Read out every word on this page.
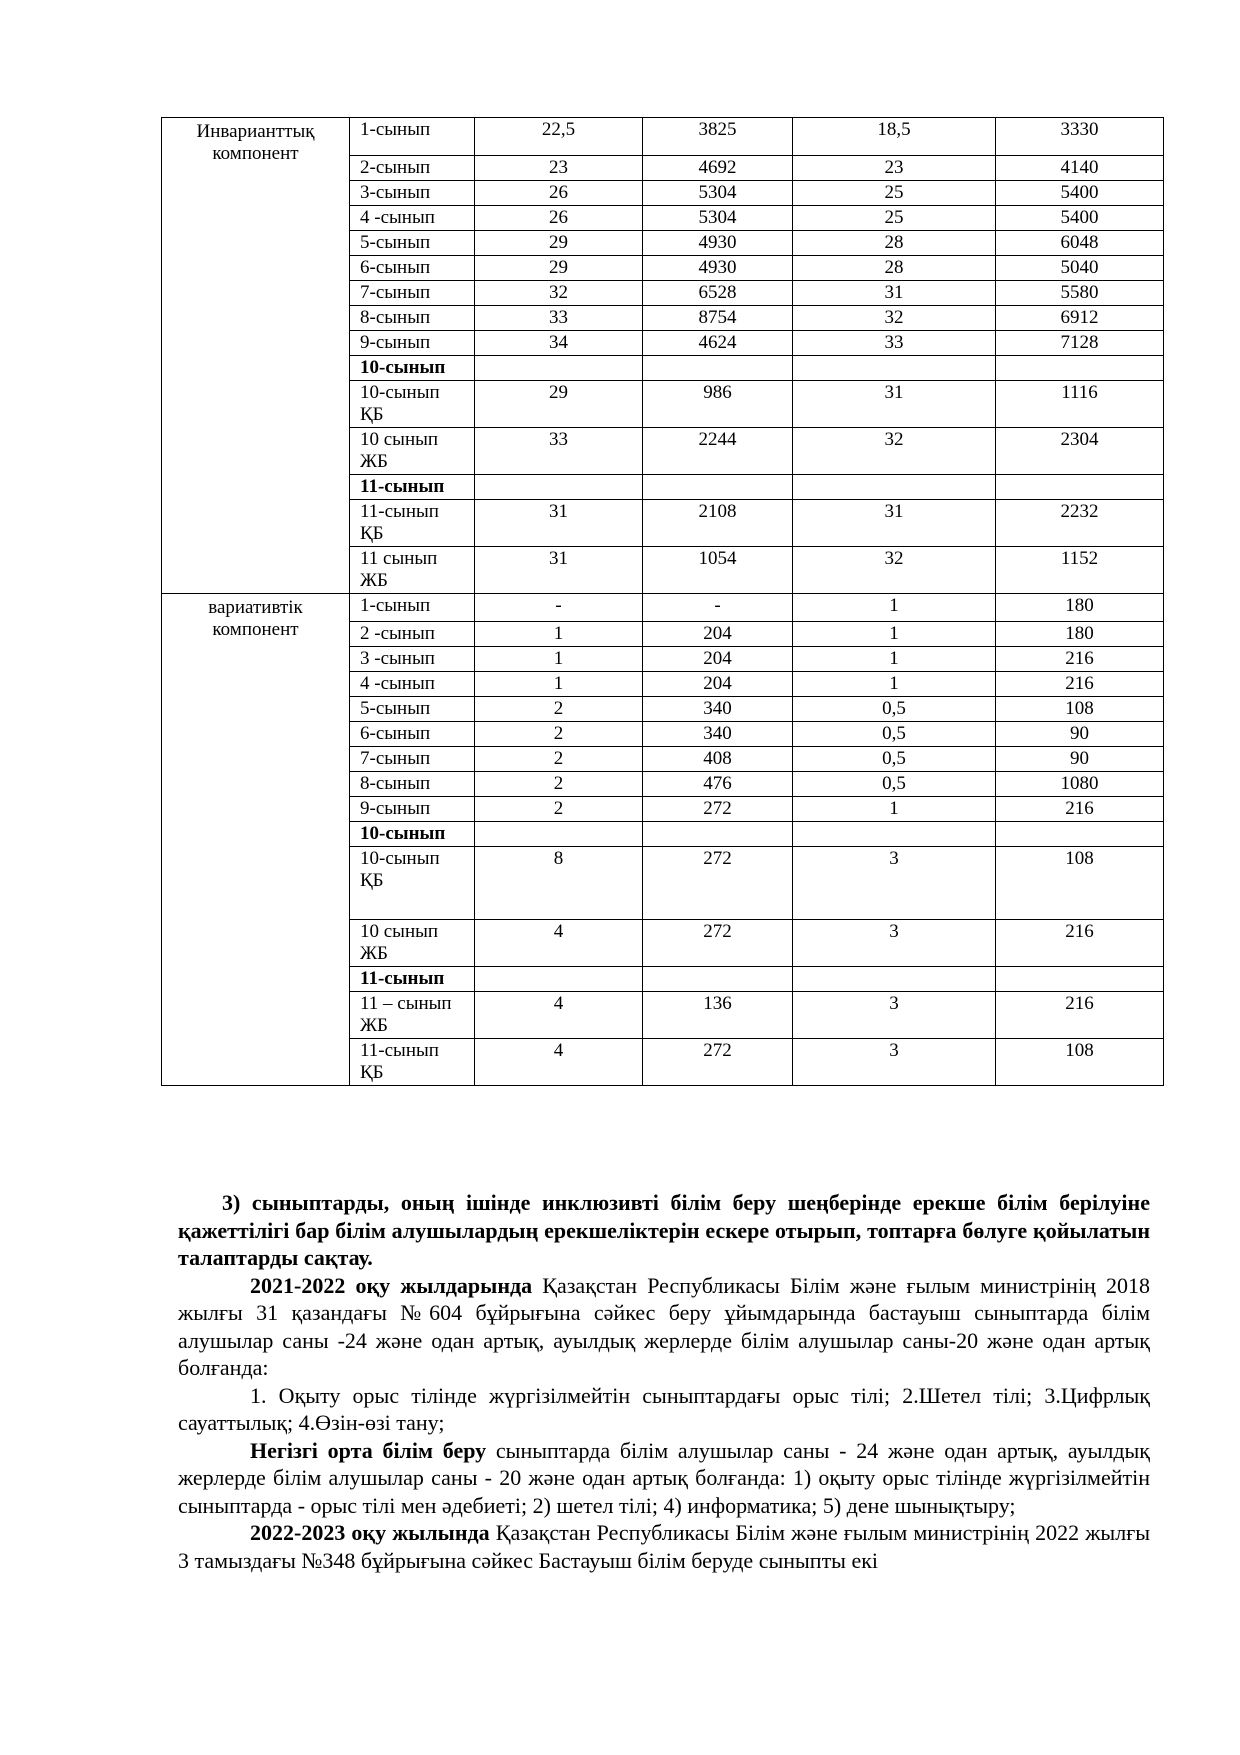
Инварианттық компонент	1-сынып	22,5	3825	18,5	3330
	2-сынып	23	4692	23	4140
	3-сынып	26	5304	25	5400
	4 -сынып	26	5304	25	5400
	5-сынып	29	4930	28	6048
	6-сынып	29	4930	28	5040
	7-сынып	32	6528	31	5580
	8-сынып	33	8754	32	6912
	9-сынып	34	4624	33	7128
	10-сынып				
	10-сынып ҚБ	29	986	31	1116
	10 сынып ЖБ	33	2244	32	2304
	11-сынып				
	11-сынып ҚБ	31	2108	31	2232
	11 сынып ЖБ	31	1054	32	1152
вариативтік компонент	1-сынып	-	-	1	180
	2 -сынып	1	204	1	180
	3 -сынып	1	204	1	216
	4 -сынып	1	204	1	216
	5-сынып	2	340	0,5	108
	6-сынып	2	340	0,5	90
	7-сынып	2	408	0,5	90
	8-сынып	2	476	0,5	1080
	9-сынып	2	272	1	216
	10-сынып				
	10-сынып ҚБ	8	272	3	108
	10 сынып ЖБ	4	272	3	216
	11-сынып				
	11 – сынып ЖБ	4	136	3	216
	11-сынып ҚБ	4	272	3	108

3) сыныптарды, оның ішінде инклюзивті білім беру шеңберінде ерекше білім берілуіне қажеттілігі бар білім алушылардың ерекшеліктерін ескере отырып, топтарға бөлуге қойылатын талаптарды сақтау.

2021-2022 оқу жылдарында Қазақстан Республикасы Білім және ғылым министрінің 2018 жылғы 31 қазандағы №604 бұйрығына сәйкес беру ұйымдарында бастауыш сыныптарда білім алушылар саны -24 және одан артық, ауылдық жерлерде білім алушылар саны-20 және одан артық болғанда:

1. Оқыту орыс тілінде жүргізілмейтін сыныптардағы орыс тілі; 2.Шетел тілі; 3.Цифрлық сауаттылық; 4.Өзін-өзі тану;

Негізгі орта білім беру сыныптарда білім алушылар саны - 24 және одан артық, ауылдық жерлерде білім алушылар саны - 20 және одан артық болғанда: 1) оқыту орыс тілінде жүргізілмейтін сыныптарда - орыс тілі мен әдебиеті; 2) шетел тілі; 4) информатика; 5) дене шынықтыру;

2022-2023 оқу жылында Қазақстан Республикасы Білім және ғылым министрінің 2022 жылғы 3 тамыздағы №348 бұйрығына сәйкес Бастауыш білім беруде сыныпты екі
